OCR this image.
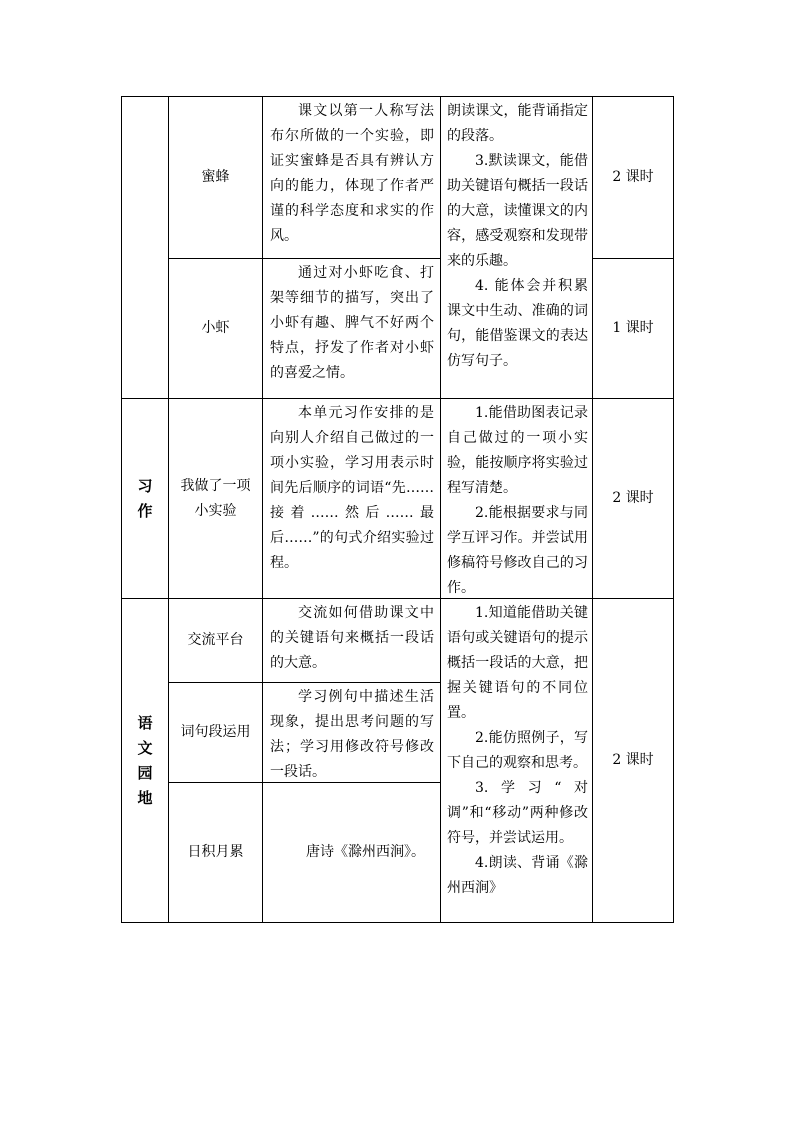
蜜蜂

课文以第一人称写法布尔所做的一个实验，即证实蜜蜂是否具有辨认方向的能力，体现了作者严谨的科学态度和求实的作风。

朗读课文，能背诵指定的段落。

3.默读课文，能借助关键语句概括一段话的大意，读懂课文的内容，感受观察和发现带来的乐趣。

4. 能体会并积累课文中生动、准确的词句，能借鉴课文的表达仿写句子。

2 课时
小虾

通过对小虾吃食、打架等细节的描写，突出了小虾有趣、脾气不好两个特点，抒发了作者对小虾的喜爱之情。

1 课时
习
作
我做了一项小实验

本单元习作安排的是向别人介绍自己做过的一项小实验，学习用表示时间先后顺序的词语“先……接着……然后……最后……”的句式介绍实验过程。

1.能借助图表记录自己做过的一项小实验，能按顺序将实验过程写清楚。

2.能根据要求与同学互评习作。并尝试用修稿符号修改自己的习作。

2 课时
语
文
园
地
交流平台

交流如何借助课文中的关键语句来概括一段话的大意。

词句段运用

学习例句中描述生活现象，提出思考问题的写法；学习用修改符号修改一段话。

日积月累	唐诗《滁州西涧》。

1.知道能借助关键语句或关键语句的提示概括一段话的大意，把握关键语句的不同位置。

2.能仿照例子，写下自己的观察和思考。

3.学习“对调”和“移动”两种修改符号，并尝试运用。

4.朗读、背诵《滁州西涧》

2 课时
